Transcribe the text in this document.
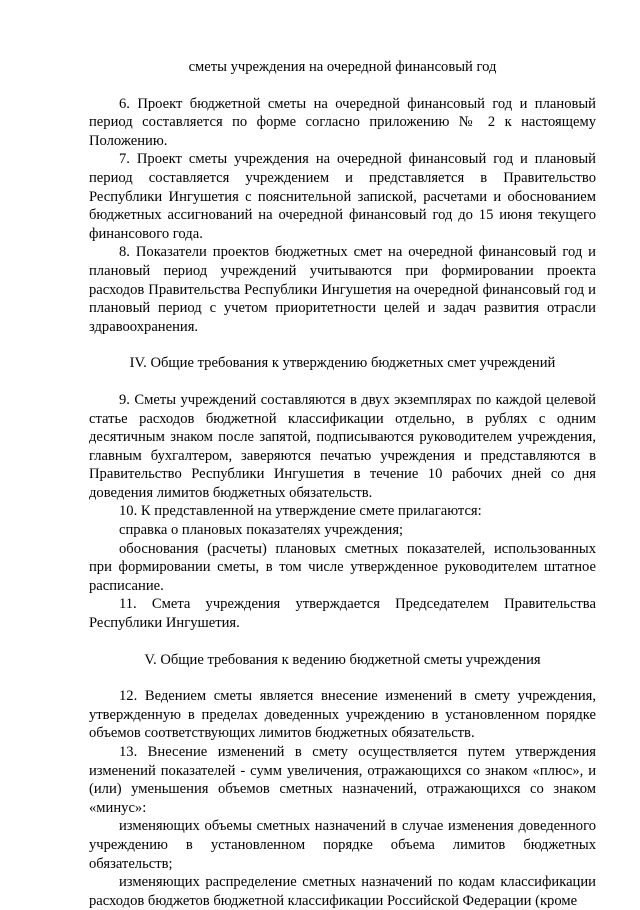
сметы учреждения на очередной финансовый год

6. Проект бюджетной сметы на очередной финансовый год и плановый период составляется по форме согласно приложению № 2 к настоящему Положению.

7. Проект сметы учреждения на очередной финансовый год и плановый период составляется учреждением и представляется в Правительство Республики Ингушетия с пояснительной запиской, расчетами и обоснованием бюджетных ассигнований на очередной финансовый год до 15 июня текущего финансового года.

8. Показатели проектов бюджетных смет на очередной финансовый год и плановый период учреждений учитываются при формировании проекта расходов Правительства Республики Ингушетия на очередной финансовый год и плановый период с учетом приоритетности целей и задач развития отрасли здравоохранения.

IV. Общие требования к утверждению бюджетных смет учреждений

9. Сметы учреждений составляются в двух экземплярах по каждой целевой статье расходов бюджетной классификации отдельно, в рублях с одним десятичным знаком после запятой, подписываются руководителем учреждения, главным бухгалтером, заверяются печатью учреждения и представляются в Правительство Республики Ингушетия в течение 10 рабочих дней со дня доведения лимитов бюджетных обязательств.

10. К представленной на утверждение смете прилагаются:

справка о плановых показателях учреждения;

обоснования (расчеты) плановых сметных показателей, использованных при формировании сметы, в том числе утвержденное руководителем штатное расписание.

11. Смета учреждения утверждается Председателем Правительства Республики Ингушетия.

V. Общие требования к ведению бюджетной сметы учреждения

12. Ведением сметы является внесение изменений в смету учреждения, утвержденную в пределах доведенных учреждению в установленном порядке объемов соответствующих лимитов бюджетных обязательств.

13. Внесение изменений в смету осуществляется путем утверждения изменений показателей - сумм увеличения, отражающихся со знаком «плюс», и (или) уменьшения объемов сметных назначений, отражающихся со знаком «минус»:

изменяющих объемы сметных назначений в случае изменения доведенного учреждению в установленном порядке объема лимитов бюджетных обязательств;

изменяющих распределение сметных назначений по кодам классификации расходов бюджетов бюджетной классификации Российской Федерации (кроме
